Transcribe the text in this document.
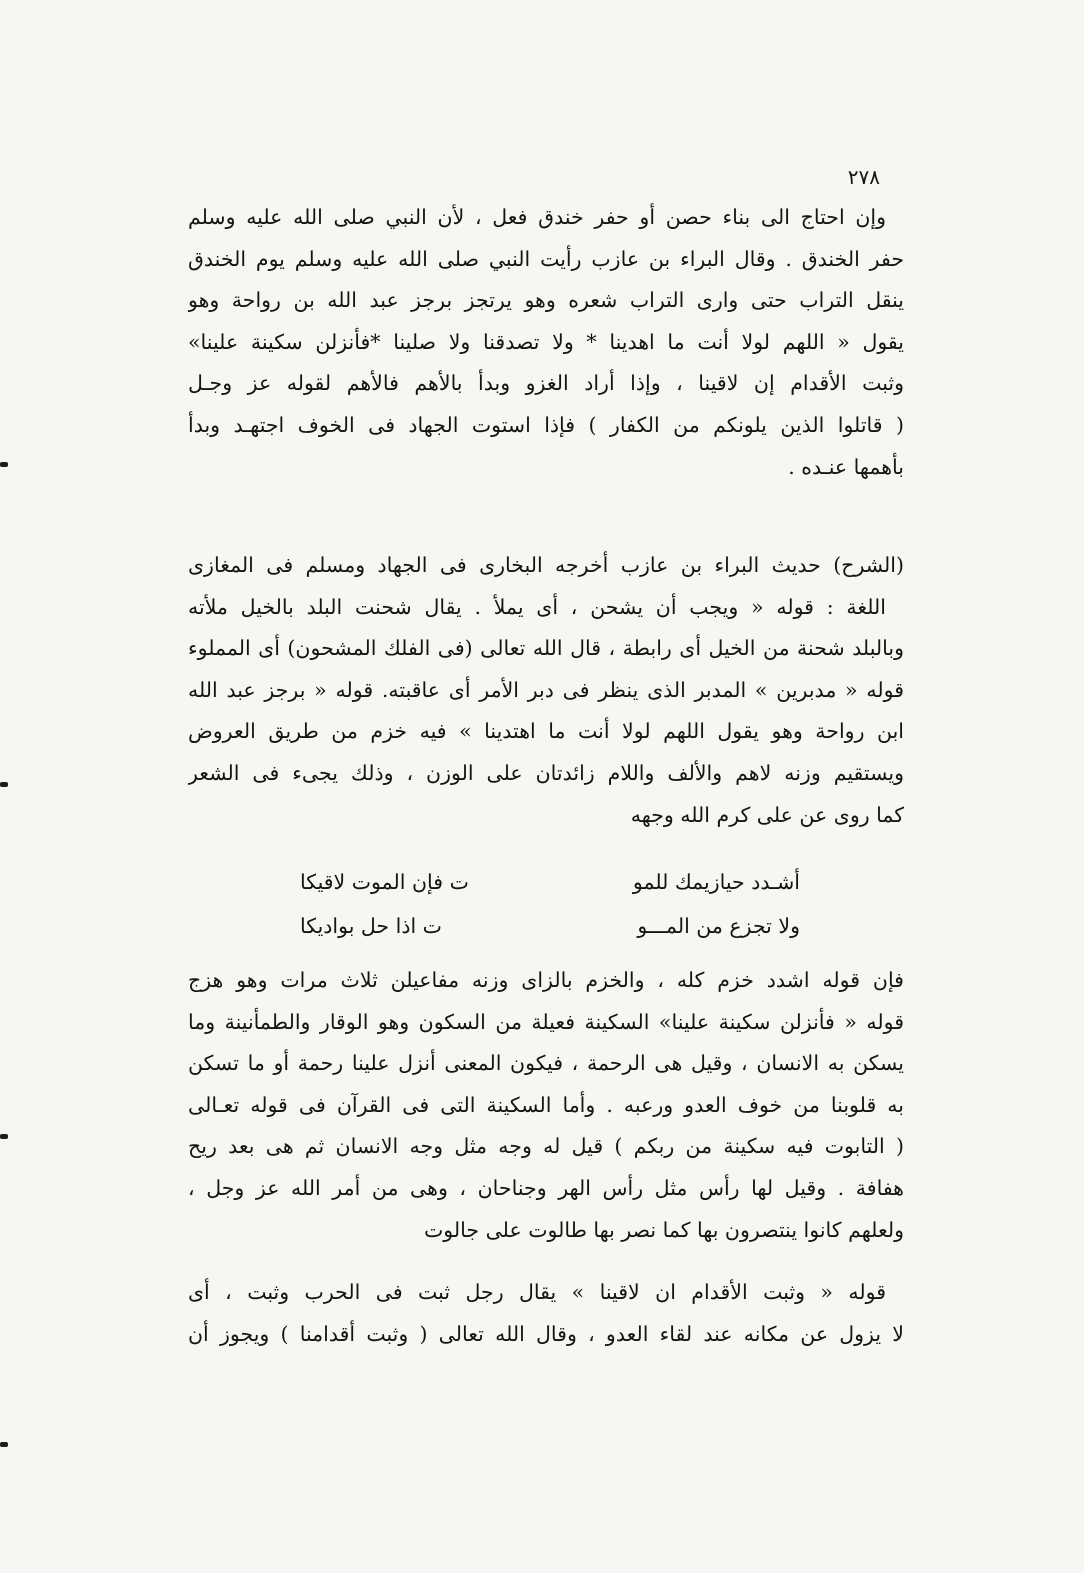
٢٧٨
وإن احتاج الى بناء حصن أو حفر خندق فعل ، لأن النبي صلى الله عليه وسلم
حفر الخندق . وقال البراء بن عازب رأيت النبي صلى الله عليه وسلم يوم الخندق
ينقل التراب حتى وارى التراب شعره وهو يرتجز برجز عبد الله بن رواحة وهو
يقول « اللهم لولا أنت ما اهدينا * ولا تصدقنا ولا صلينا *فأنزلن سكينة علينا»
وثبت الأقدام إن لاقينا ، وإذا أراد الغزو وبدأ بالأهم فالأهم لقوله عز وجـل
( قاتلوا الذين يلونكم من الكفار ) فإذا استوت الجهاد فى الخوف اجتهـد وبدأ
بأهمها عنـده .
(الشرح) حديث البراء بن عازب أخرجه البخارى فى الجهاد ومسلم فى المغازى
اللغة : قوله « ويجب أن يشحن ، أى يملأ . يقال شحنت البلد بالخيل ملأته
وبالبلد شحنة من الخيل أى رابطة ، قال الله تعالى (فى الفلك المشحون) أى المملوء
قوله « مدبرين » المدبر الذى ينظر فى دبر الأمر أى عاقبته. قوله « برجز عبد الله
ابن رواحة وهو يقول اللهم لولا أنت ما اهتدينا » فيه خزم من طريق العروض
ويستقيم وزنه لاهم والألف واللام زائدتان على الوزن ، وذلك يجىء فى الشعر
كما روى عن على كرم الله وجهه
أشـدد حيازيمك للمو
ت فإن الموت لاقيكا
ولا تجزع من المـــو
ت اذا حل بواديكا
فإن قوله اشدد خزم كله ، والخزم بالزاى وزنه مفاعيلن ثلاث مرات وهو هزج
قوله « فأنزلن سكينة علينا» السكينة فعيلة من السكون وهو الوقار والطمأنينة وما
يسكن به الانسان ، وقيل هى الرحمة ، فيكون المعنى أنزل علينا رحمة أو ما تسكن
به قلوبنا من خوف العدو ورعبه . وأما السكينة التى فى القرآن فى قوله تعـالى
( التابوت فيه سكينة من ربكم ) قيل له وجه مثل وجه الانسان ثم هى بعد ريح
هفافة . وقيل لها رأس مثل رأس الهر وجناحان ، وهى من أمر الله عز وجل ،
ولعلهم كانوا ينتصرون بها كما نصر بها طالوت على جالوت
قوله « وثبت الأقدام ان لاقينا » يقال رجل ثبت فى الحرب وثبت ، أى
لا يزول عن مكانه عند لقاء العدو ، وقال الله تعالى ( وثبت أقدامنا ) ويجوز أن
